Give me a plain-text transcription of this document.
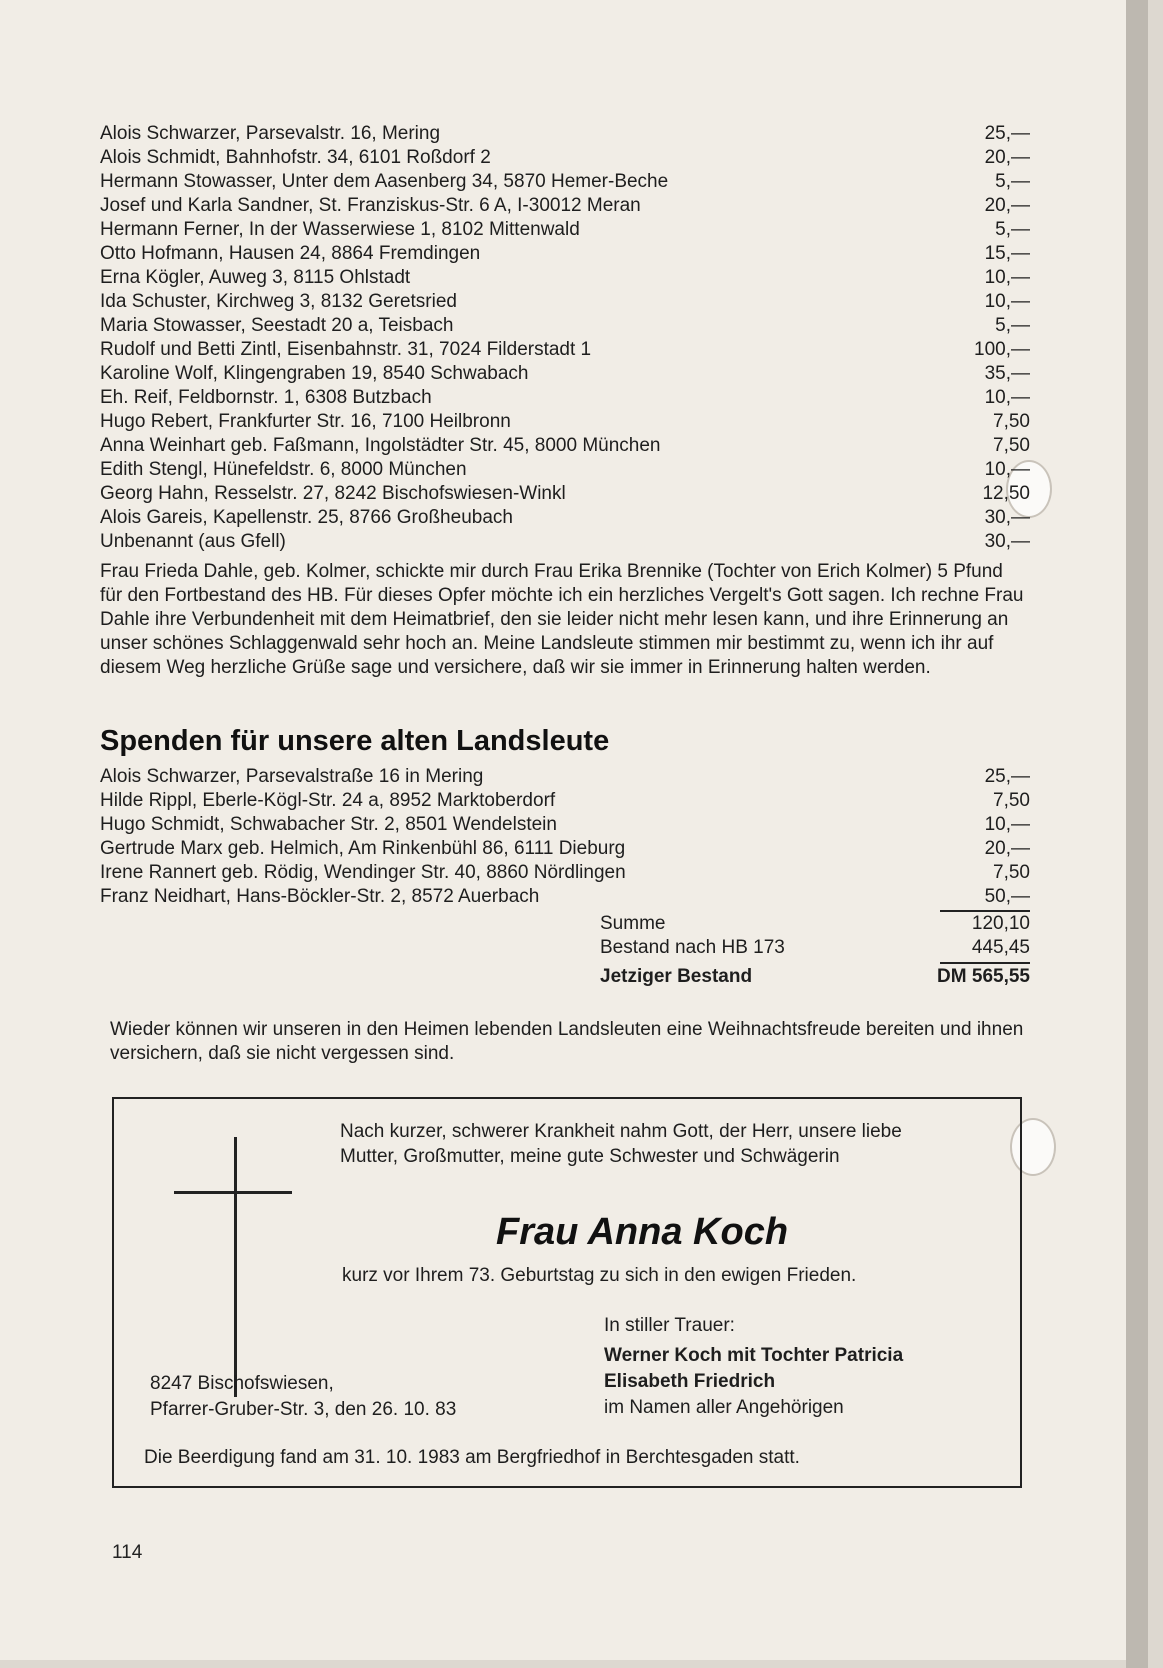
Alois Schwarzer, Parsevalstr. 16, Mering	25,—
Alois Schmidt, Bahnhofstr. 34, 6101 Roßdorf 2	20,—
Hermann Stowasser, Unter dem Aasenberg 34, 5870 Hemer-Beche	5,—
Josef und Karla Sandner, St. Franziskus-Str. 6 A, I-30012 Meran	20,—
Hermann Ferner, In der Wasserwiese 1, 8102 Mittenwald	5,—
Otto Hofmann, Hausen 24, 8864 Fremdingen	15,—
Erna Kögler, Auweg 3, 8115 Ohlstadt	10,—
Ida Schuster, Kirchweg 3, 8132 Geretsried	10,—
Maria Stowasser, Seestadt 20 a, Teisbach	5,—
Rudolf und Betti Zintl, Eisenbahnstr. 31, 7024 Filderstadt 1	100,—
Karoline Wolf, Klingengraben 19, 8540 Schwabach	35,—
Eh. Reif, Feldbornstr. 1, 6308 Butzbach	10,—
Hugo Rebert, Frankfurter Str. 16, 7100 Heilbronn	7,50
Anna Weinhart geb. Faßmann, Ingolstädter Str. 45, 8000 München	7,50
Edith Stengl, Hünefeldstr. 6, 8000 München	10,—
Georg Hahn, Resselstr. 27, 8242 Bischofswiesen-Winkl	12,50
Alois Gareis, Kapellenstr. 25, 8766 Großheubach	30,—
Unbenannt (aus Gfell)	30,—
Frau Frieda Dahle, geb. Kolmer, schickte mir durch Frau Erika Brennike (Tochter von Erich Kolmer) 5 Pfund für den Fortbestand des HB. Für dieses Opfer möchte ich ein herzliches Vergelt's Gott sagen. Ich rechne Frau Dahle ihre Verbundenheit mit dem Heimatbrief, den sie leider nicht mehr lesen kann, und ihre Erinnerung an unser schönes Schlaggenwald sehr hoch an. Meine Landsleute stimmen mir bestimmt zu, wenn ich ihr auf diesem Weg herzliche Grüße sage und versichere, daß wir sie immer in Erinnerung halten werden.
Spenden für unsere alten Landsleute
Alois Schwarzer, Parsevalstraße 16 in Mering	25,—
Hilde Rippl, Eberle-Kögl-Str. 24 a, 8952 Marktoberdorf	7,50
Hugo Schmidt, Schwabacher Str. 2, 8501 Wendelstein	10,—
Gertrude Marx geb. Helmich, Am Rinkenbühl 86, 6111 Dieburg	20,—
Irene Rannert geb. Rödig, Wendinger Str. 40, 8860 Nördlingen	7,50
Franz Neidhart, Hans-Böckler-Str. 2, 8572 Auerbach	50,—
Summe	120,10
Bestand nach HB 173	445,45
Jetziger Bestand	DM 565,55
Wieder können wir unseren in den Heimen lebenden Landsleuten eine Weihnachtsfreude bereiten und ihnen versichern, daß sie nicht vergessen sind.
Nach kurzer, schwerer Krankheit nahm Gott, der Herr, unsere liebe Mutter, Großmutter, meine gute Schwester und Schwägerin
Frau Anna Koch
kurz vor Ihrem 73. Geburtstag zu sich in den ewigen Frieden.
In stiller Trauer:
Werner Koch mit Tochter Patricia
Elisabeth Friedrich
im Namen aller Angehörigen
8247 Bischofswiesen,
Pfarrer-Gruber-Str. 3, den 26. 10. 83
Die Beerdigung fand am 31. 10. 1983 am Bergfriedhof in Berchtesgaden statt.
114
